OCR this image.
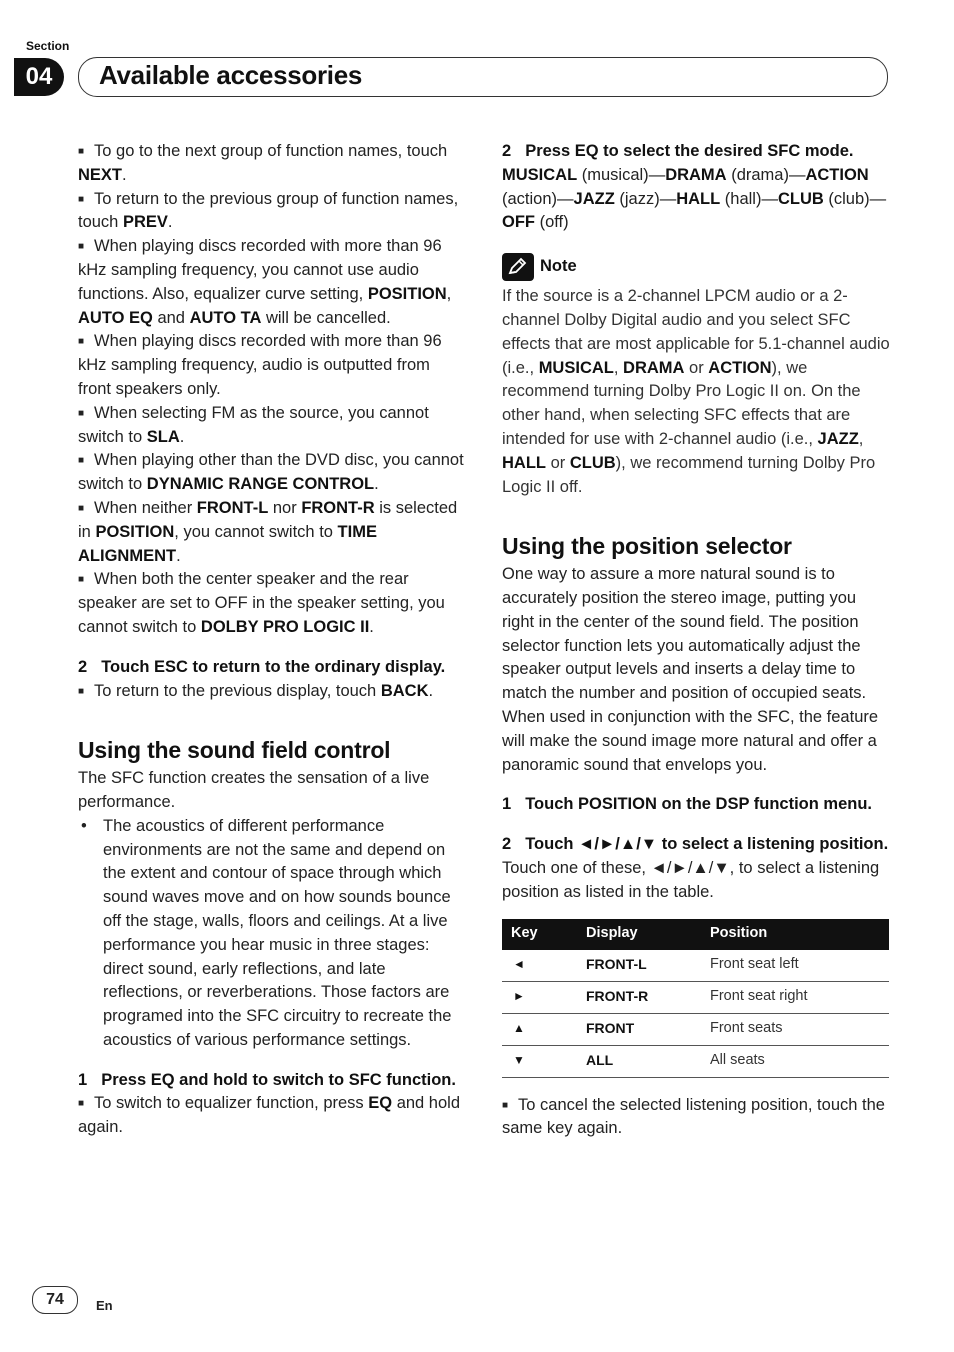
Section
04	Available accessories

■ To go to the next group of function names, touch NEXT.

■ To return to the previous group of function names, touch PREV.

■ When playing discs recorded with more than 96 kHz sampling frequency, you cannot use audio functions. Also, equalizer curve setting, POSITION, AUTO EQ and AUTO TA will be cancelled.

■ When playing discs recorded with more than 96 kHz sampling frequency, audio is outputted from front speakers only.

■ When selecting FM as the source, you cannot switch to SLA.

■ When playing other than the DVD disc, you cannot switch to DYNAMIC RANGE CONTROL.

■ When neither FRONT-L nor FRONT-R is selected in POSITION, you cannot switch to TIME ALIGNMENT.

■ When both the center speaker and the rear speaker are set to OFF in the speaker setting, you cannot switch to DOLBY PRO LOGIC II.

2 Touch ESC to return to the ordinary display.

■ To return to the previous display, touch BACK.

Using the sound field control

The SFC function creates the sensation of a live performance.

• The acoustics of different performance environments are not the same and depend on the extent and contour of space through which sound waves move and on how sounds bounce off the stage, walls, floors and ceilings. At a live performance you hear music in three stages: direct sound, early reflections, and late reflections, or reverberations. Those factors are programed into the SFC circuitry to recreate the acoustics of various performance settings.

1 Press EQ and hold to switch to SFC function.

■ To switch to equalizer function, press EQ and hold again.

2 Press EQ to select the desired SFC mode.

MUSICAL (musical)—DRAMA (drama)—ACTION (action)—JAZZ (jazz)—HALL (hall)—CLUB (club)—OFF (off)

Note

If the source is a 2-channel LPCM audio or a 2-channel Dolby Digital audio and you select SFC effects that are most applicable for 5.1-channel audio (i.e., MUSICAL, DRAMA or ACTION), we recommend turning Dolby Pro Logic II on. On the other hand, when selecting SFC effects that are intended for use with 2-channel audio (i.e., JAZZ, HALL or CLUB), we recommend turning Dolby Pro Logic II off.

Using the position selector

One way to assure a more natural sound is to accurately position the stereo image, putting you right in the center of the sound field. The position selector function lets you automatically adjust the speaker output levels and inserts a delay time to match the number and position of occupied seats. When used in conjunction with the SFC, the feature will make the sound image more natural and offer a panoramic sound that envelops you.

1 Touch POSITION on the DSP function menu.

2 Touch ◄/►/▲/▼ to select a listening position.

Touch one of these, ◄/►/▲/▼, to select a listening position as listed in the table.

Key	Display	Position
◄	FRONT-L	Front seat left
►	FRONT-R	Front seat right
▲	FRONT	Front seats
▼	ALL	All seats

■ To cancel the selected listening position, touch the same key again.

74	En
